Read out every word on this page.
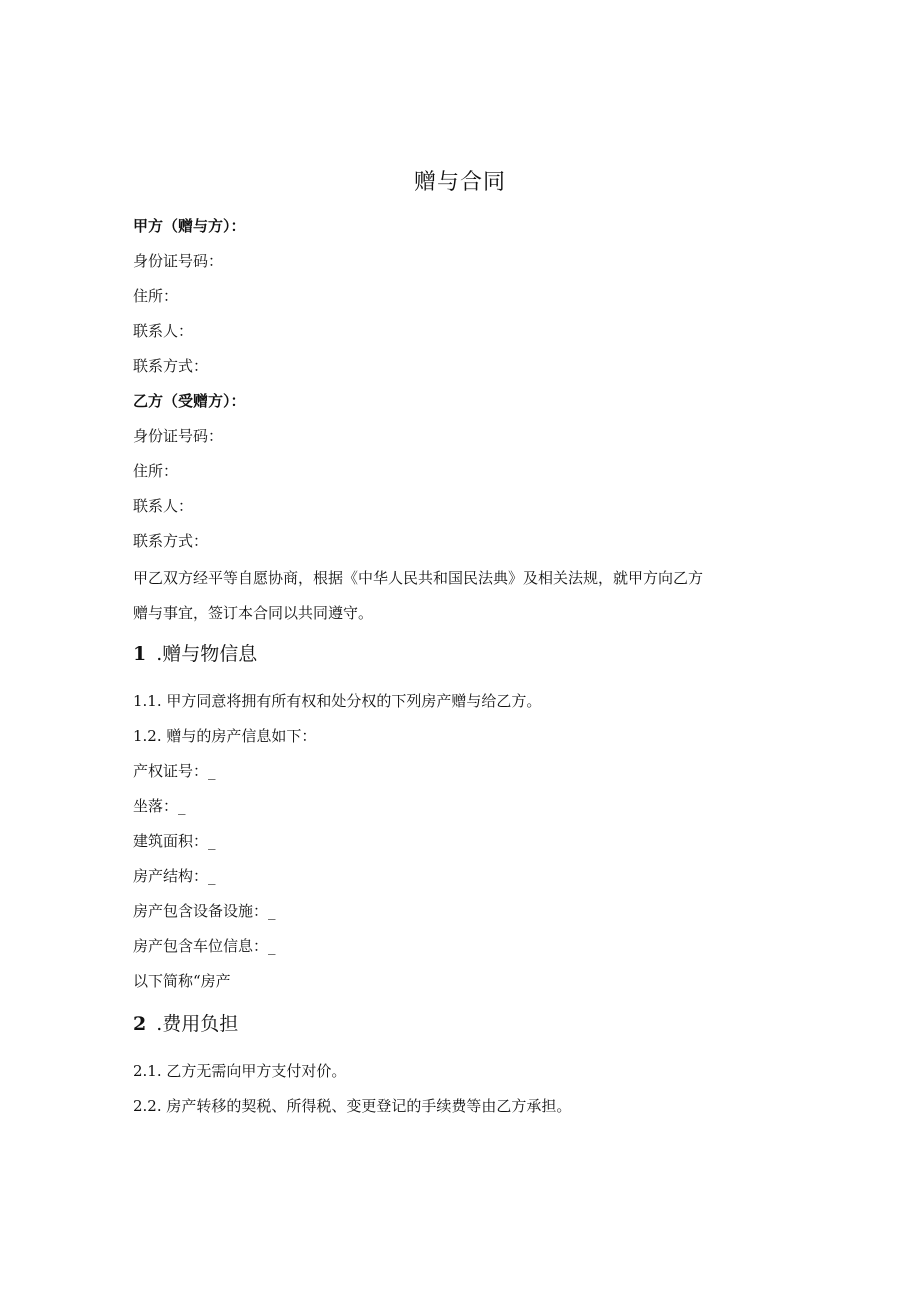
赠与合同
甲方（赠与方）：
身份证号码：
住所：
联系人：
联系方式：
乙方（受赠方）：
身份证号码：
住所：
联系人：
联系方式：
甲乙双方经平等自愿协商，根据《中华人民共和国民法典》及相关法规，就甲方向乙方
赠与事宜，签订本合同以共同遵守。
1 .赠与物信息
1.1. 甲方同意将拥有所有权和处分权的下列房产赠与给乙方。
1.2. 赠与的房产信息如下：
产权证号：_
坐落：_
建筑面积：_
房产结构：_
房产包含设备设施：_
房产包含车位信息：_
以下简称“房产
2 .费用负担
2.1. 乙方无需向甲方支付对价。
2.2. 房产转移的契税、所得税、变更登记的手续费等由乙方承担。
